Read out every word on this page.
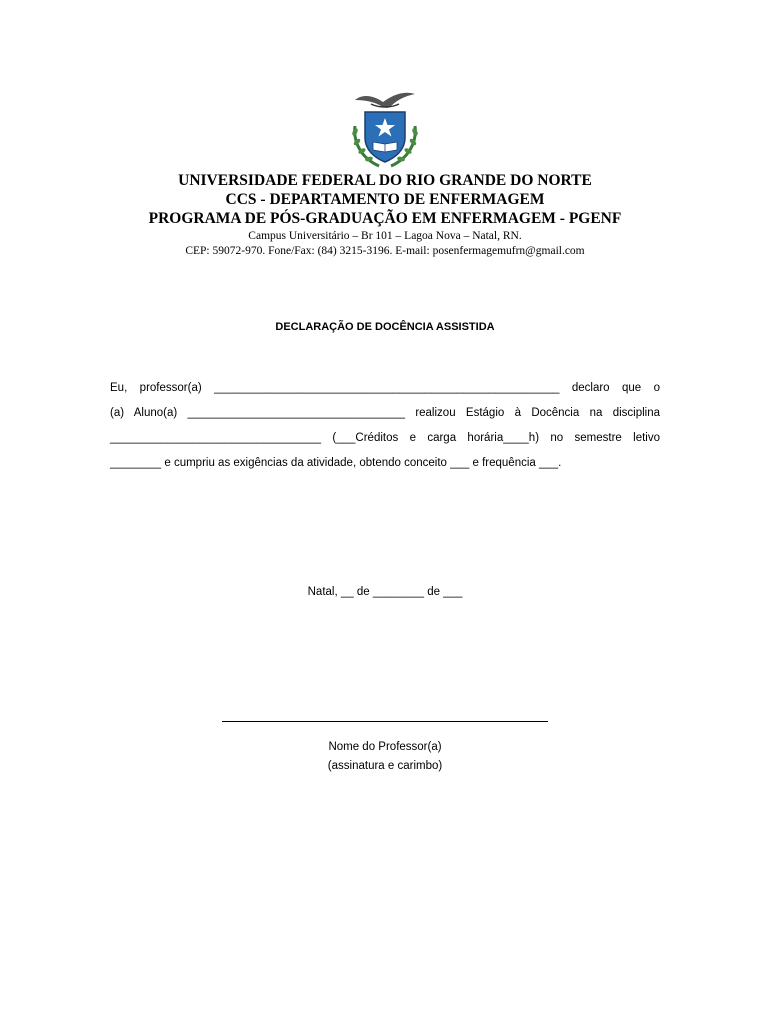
UNIVERSIDADE FEDERAL DO RIO GRANDE DO NORTE
CCS - DEPARTAMENTO DE ENFERMAGEM
PROGRAMA DE PÓS-GRADUAÇÃO EM ENFERMAGEM - PGENF
Campus Universitário – Br 101 – Lagoa Nova – Natal, RN.
CEP: 59072-970. Fone/Fax: (84) 3215-3196. E-mail: posenfermagemufrn@gmail.com
DECLARAÇÃO DE DOCÊNCIA ASSISTIDA
Eu, professor(a) ______________________________________________________ declaro que o
(a) Aluno(a) __________________________________ realizou Estágio à Docência na disciplina
_________________________________ (___Créditos e carga horária____h) no semestre letivo
________ e cumpriu as exigências da atividade, obtendo conceito ___ e frequência ___.
Natal, __ de ________ de ___
Nome do Professor(a)
(assinatura e carimbo)
